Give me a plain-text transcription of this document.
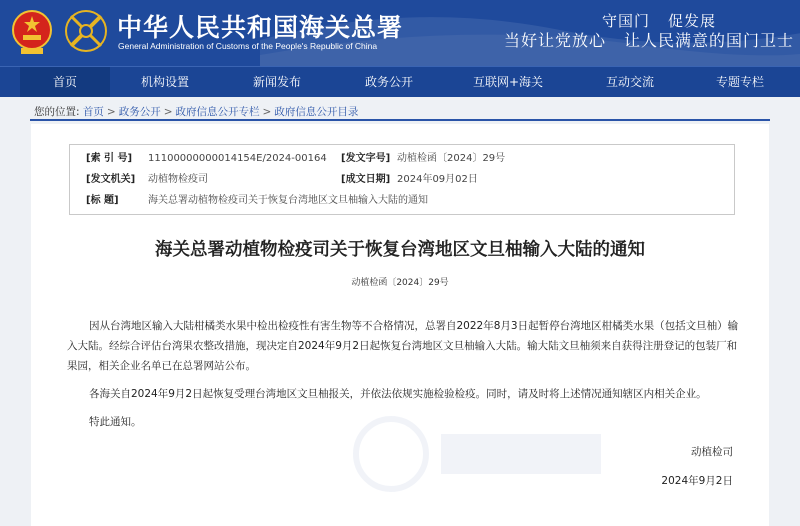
中华人民共和国海关总署
General Administration of Customs of the People's Republic of China
守国门 促发展
当好让党放心 让人民满意的国门卫士
首页	机构设置	新闻发布	政务公开	互联网+海关	互动交流	专题专栏
您的位置: 首页 > 政务公开 > 政府信息公开专栏 > 政府信息公开目录
[索 引 号] 11100000000014154E/2024-00164 [发文字号] 动植检函〔2024〕29号
[发文机关] 动植物检疫司	[成文日期] 2024年09月02日
[标 题]	海关总署动植物检疫司关于恢复台湾地区文旦柚输入大陆的通知
海关总署动植物检疫司关于恢复台湾地区文旦柚输入大陆的通知
动植检函〔2024〕29号

因从台湾地区输入大陆柑橘类水果中检出检疫性有害生物等不合格情况，总署自2022年8月3日起暂停台湾地区柑橘类水果（包括文旦柚）输入大陆。经综合评估台湾果农整改措施，现决定自2024年9月2日起恢复台湾地区文旦柚输入大陆。输大陆文旦柚须来自获得注册登记的包装厂和果园，相关企业名单已在总署网站公布。

各海关自2024年9月2日起恢复受理台湾地区文旦柚报关，并依法依规实施检验检疫。同时，请及时将上述情况通知辖区内相关企业。

特此通知。

动植检司
2024年9月2日
